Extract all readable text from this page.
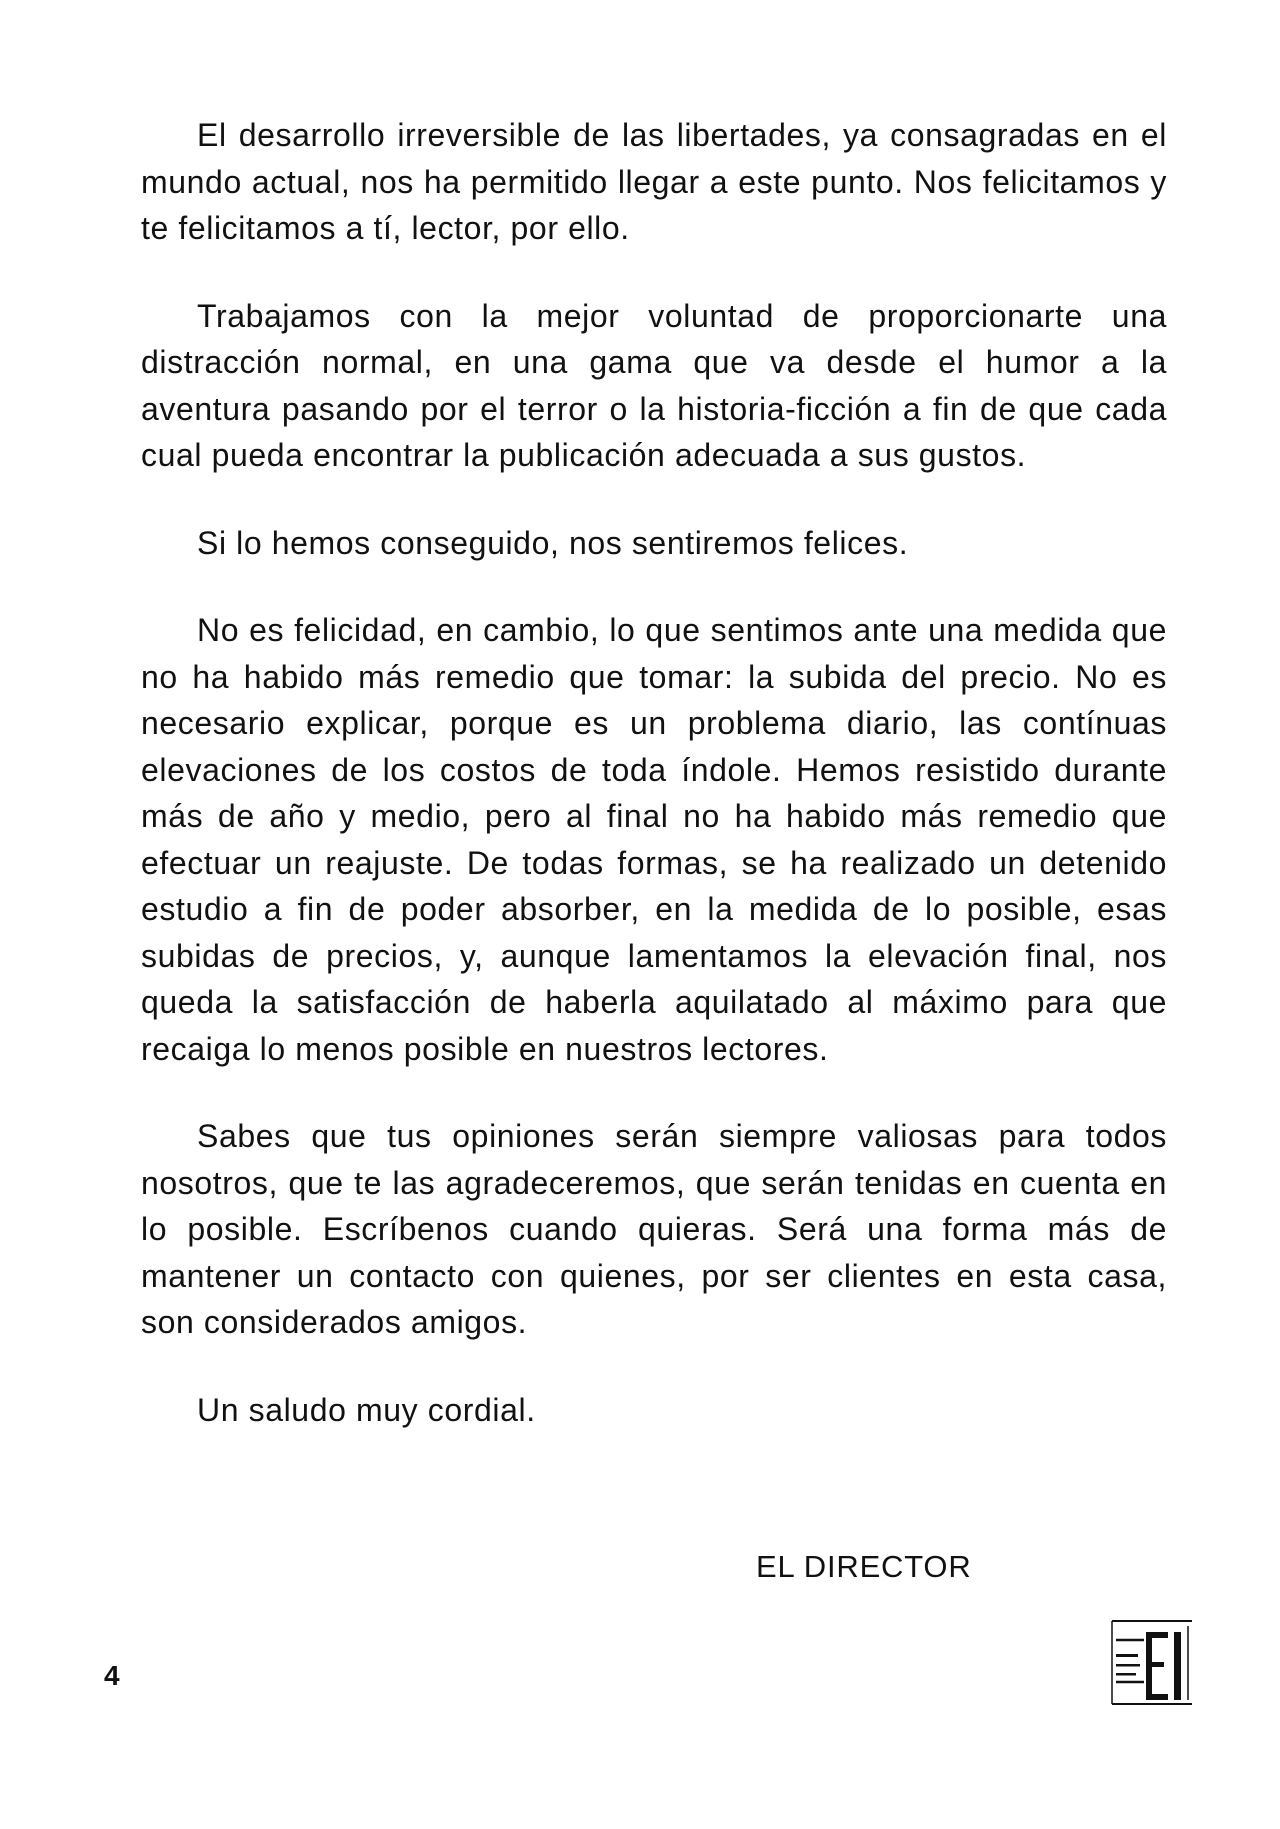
El desarrollo irreversible de las libertades, ya consagradas en el mundo actual, nos ha permitido llegar a este punto. Nos felicitamos y te felicitamos a tí, lector, por ello.

Trabajamos con la mejor voluntad de proporcionarte una distracción normal, en una gama que va desde el humor a la aventura pasando por el terror o la historia-ficción a fin de que cada cual pueda encontrar la publicación adecuada a sus gustos.

Si lo hemos conseguido, nos sentiremos felices.

No es felicidad, en cambio, lo que sentimos ante una medida que no ha habido más remedio que tomar: la subida del precio. No es necesario explicar, porque es un problema diario, las contínuas elevaciones de los costos de toda índole. Hemos resistido durante más de año y medio, pero al final no ha habido más remedio que efectuar un reajuste. De todas formas, se ha realizado un detenido estudio a fin de poder absorber, en la medida de lo posible, esas subidas de precios, y, aunque lamentamos la elevación final, nos queda la satisfacción de haberla aquilatado al máximo para que recaiga lo menos posible en nuestros lectores.

Sabes que tus opiniones serán siempre valiosas para todos nosotros, que te las agradeceremos, que serán tenidas en cuenta en lo posible. Escríbenos cuando quieras. Será una forma más de mantener un contacto con quienes, por ser clientes en esta casa, son considerados amigos.

Un saludo muy cordial.

EL DIRECTOR
4
